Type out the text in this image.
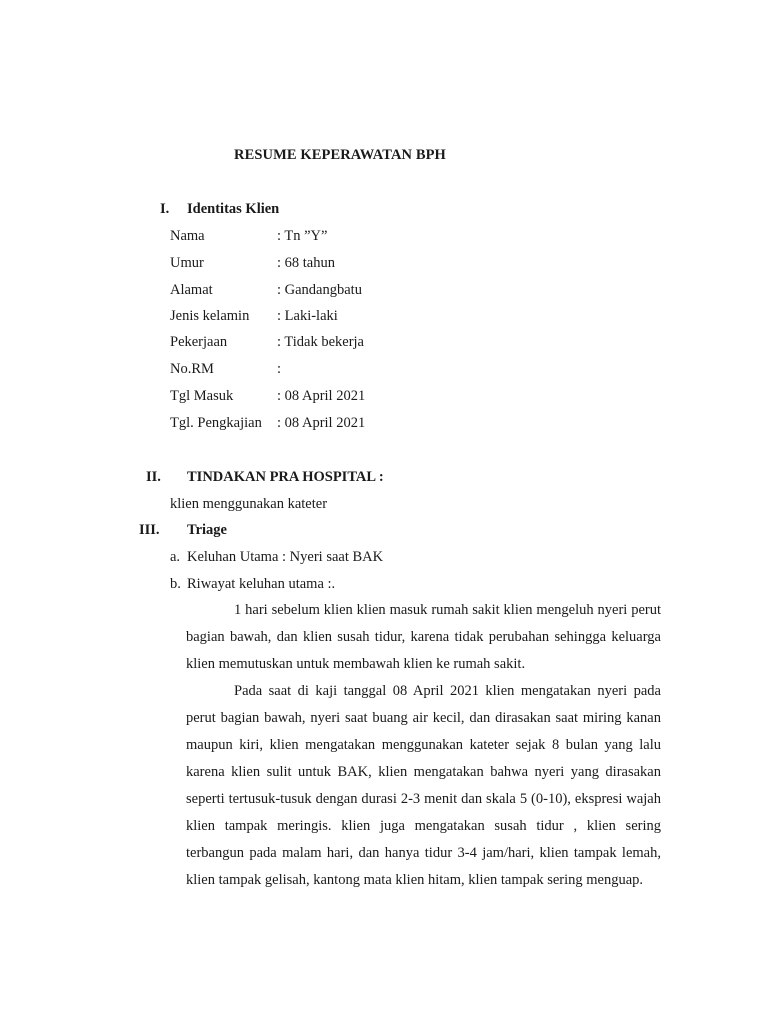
RESUME KEPERAWATAN BPH
I. Identitas Klien
Nama	: Tn ”Y”
Umur	: 68 tahun
Alamat	: Gandangbatu
Jenis kelamin : Laki-laki
Pekerjaan	: Tidak bekerja
No.RM	:
Tgl Masuk	: 08 April 2021
Tgl. Pengkajian : 08 April 2021
II. TINDAKAN PRA HOSPITAL :
klien menggunakan kateter
III. Triage
a. Keluhan Utama : Nyeri saat BAK
b. Riwayat keluhan utama :.
1 hari sebelum klien klien masuk rumah sakit klien mengeluh nyeri perut bagian bawah, dan klien susah tidur, karena tidak perubahan sehingga keluarga klien memutuskan untuk membawah klien ke rumah sakit.
Pada saat di kaji tanggal 08 April 2021 klien mengatakan nyeri pada perut bagian bawah, nyeri saat buang air kecil, dan dirasakan saat miring kanan maupun kiri, klien mengatakan menggunakan kateter sejak 8 bulan yang lalu karena klien sulit untuk BAK, klien mengatakan bahwa nyeri yang dirasakan seperti tertusuk-tusuk dengan durasi 2-3 menit dan skala 5 (0-10), ekspresi wajah klien tampak meringis. klien juga mengatakan susah tidur , klien sering terbangun pada malam hari, dan hanya tidur 3-4 jam/hari, klien tampak lemah, klien tampak gelisah, kantong mata klien hitam, klien tampak sering menguap.
